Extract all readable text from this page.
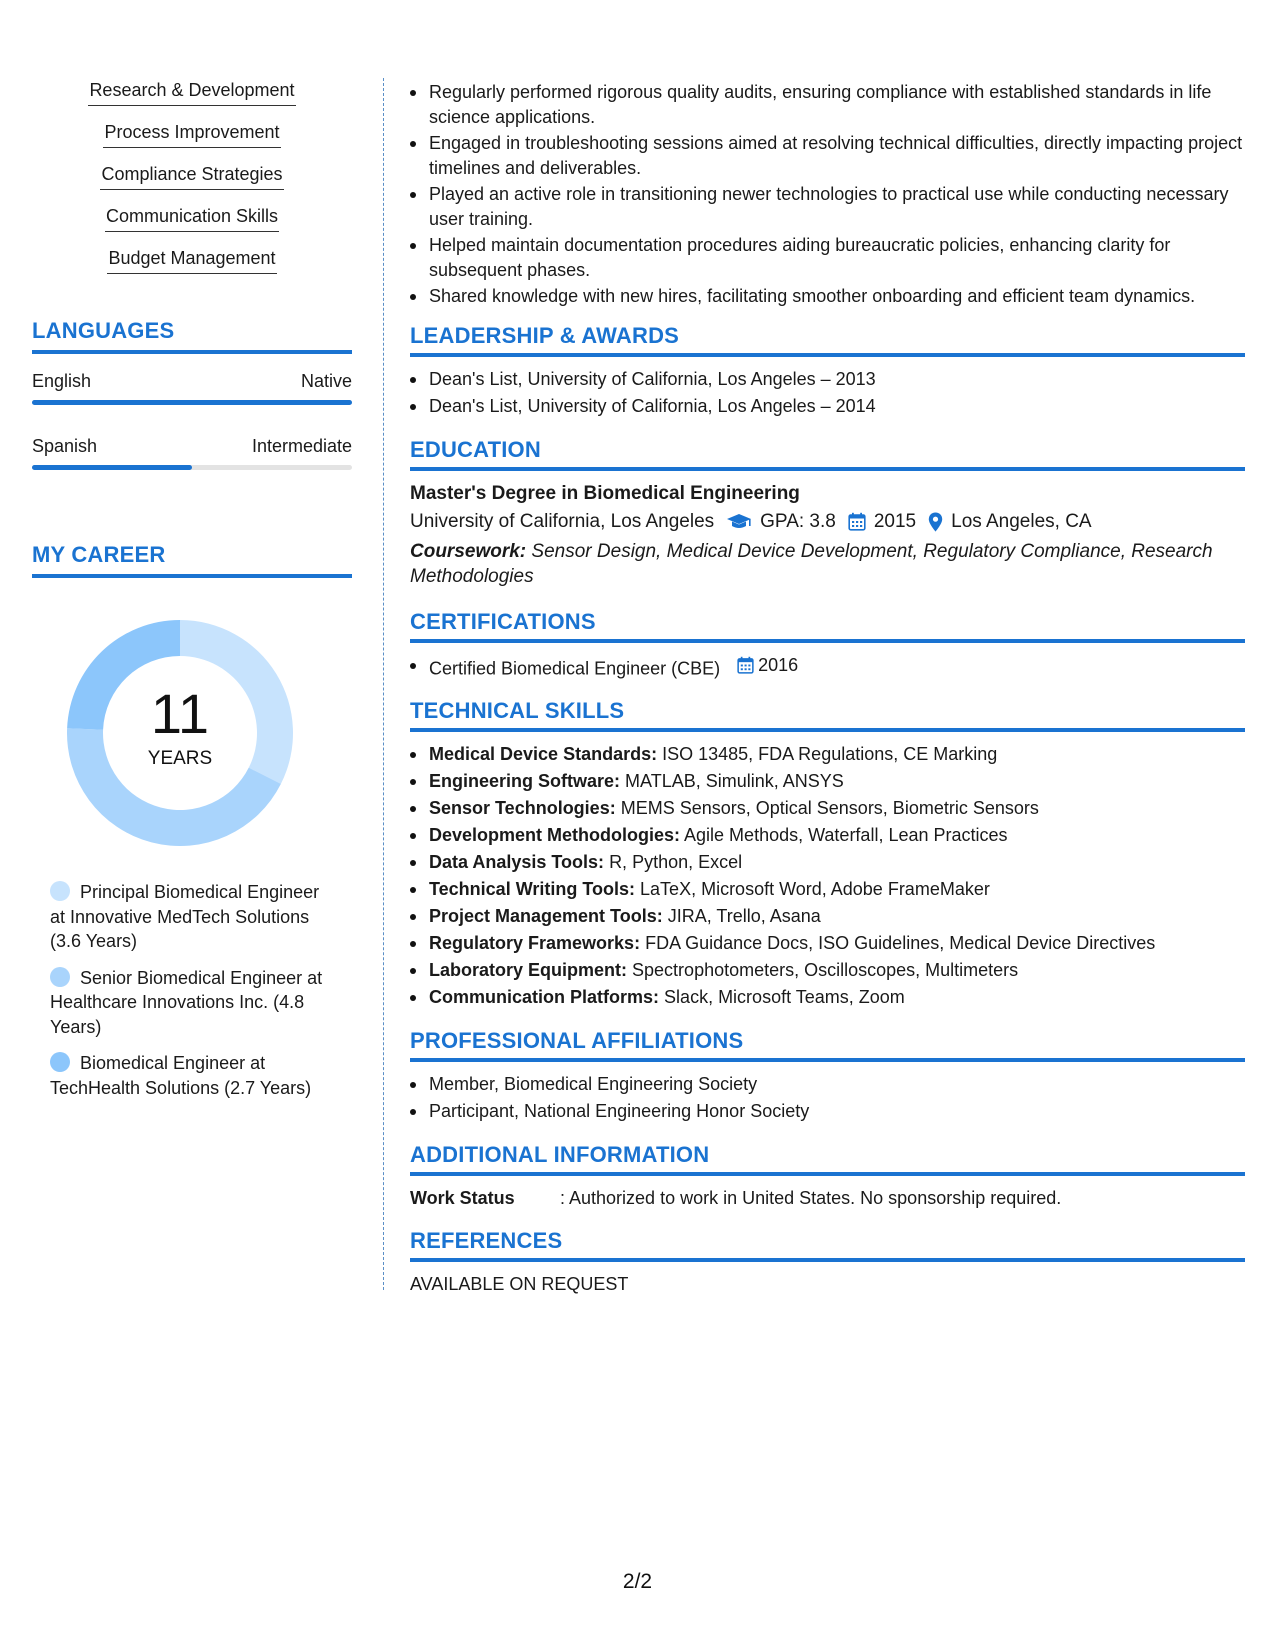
Research & Development
Process Improvement
Compliance Strategies
Communication Skills
Budget Management
LANGUAGES
English	Native
Spanish	Intermediate
MY CAREER
11
YEARS
Principal Biomedical Engineer at Innovative MedTech Solutions (3.6 Years)
Senior Biomedical Engineer at Healthcare Innovations Inc. (4.8 Years)
Biomedical Engineer at TechHealth Solutions (2.7 Years)
Regularly performed rigorous quality audits, ensuring compliance with established standards in life science applications.
Engaged in troubleshooting sessions aimed at resolving technical difficulties, directly impacting project timelines and deliverables.
Played an active role in transitioning newer technologies to practical use while conducting necessary user training.
Helped maintain documentation procedures aiding bureaucratic policies, enhancing clarity for subsequent phases.
Shared knowledge with new hires, facilitating smoother onboarding and efficient team dynamics.
LEADERSHIP & AWARDS
Dean's List, University of California, Los Angeles – 2013
Dean's List, University of California, Los Angeles – 2014
EDUCATION
Master's Degree in Biomedical Engineering
University of California, Los Angeles GPA: 3.8 2015 Los Angeles, CA
Coursework: Sensor Design, Medical Device Development, Regulatory Compliance, Research Methodologies
CERTIFICATIONS
Certified Biomedical Engineer (CBE) 2016
TECHNICAL SKILLS
Medical Device Standards: ISO 13485, FDA Regulations, CE Marking
Engineering Software: MATLAB, Simulink, ANSYS
Sensor Technologies: MEMS Sensors, Optical Sensors, Biometric Sensors
Development Methodologies: Agile Methods, Waterfall, Lean Practices
Data Analysis Tools: R, Python, Excel
Technical Writing Tools: LaTeX, Microsoft Word, Adobe FrameMaker
Project Management Tools: JIRA, Trello, Asana
Regulatory Frameworks: FDA Guidance Docs, ISO Guidelines, Medical Device Directives
Laboratory Equipment: Spectrophotometers, Oscilloscopes, Multimeters
Communication Platforms: Slack, Microsoft Teams, Zoom
PROFESSIONAL AFFILIATIONS
Member, Biomedical Engineering Society
Participant, National Engineering Honor Society
ADDITIONAL INFORMATION
Work Status	: Authorized to work in United States. No sponsorship required.
REFERENCES
AVAILABLE ON REQUEST
2/2
